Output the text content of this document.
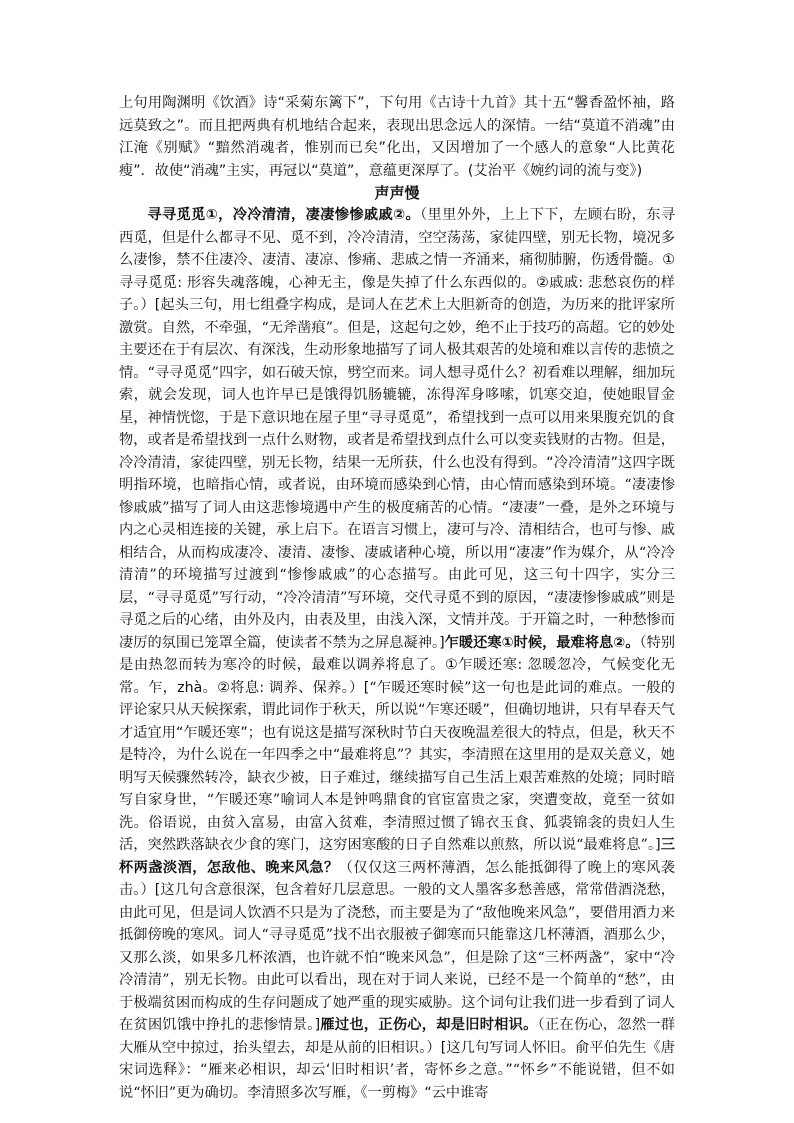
上句用陶渊明《饮酒》诗“采菊东篱下”，下句用《古诗十九首》其十五“馨香盈怀袖，路远莫致之”。而且把两典有机地结合起来，表现出思念远人的深情。一结“莫道不消魂”由江淹《别赋》“黯然消魂者，惟别而已矣”化出，又因增加了一个感人的意象“人比黄花瘦”．故使“消魂”主实，再冠以“莫道”，意蕴更深厚了。(艾治平《婉约词的流与变》)

声声慢

寻寻觅觅①，冷冷清清，凄凄惨惨戚戚②。（里里外外，上上下下，左顾右盼，东寻西觅，但是什么都寻不见、觅不到，冷冷清清，空空荡荡，家徒四壁，别无长物，境况多么凄惨，禁不住凄冷、凄清、凄凉、惨痛、悲戚之情一齐涌来，痛彻肺腑，伤透骨髓。①寻寻觅觅: 形容失魂落魄，心神无主，像是失掉了什么东西似的。②戚戚: 悲愁哀伤的样子。）[起头三句，用七组叠字构成，是词人在艺术上大胆新奇的创造，为历来的批评家所激赏。自然，不牵强，“无斧凿痕”。但是，这起句之妙，绝不止于技巧的高超。它的妙处主要还在于有层次、有深浅，生动形象地描写了词人极其艰苦的处境和难以言传的悲愤之情。“寻寻觅觅”四字，如石破天惊，劈空而来。词人想寻觅什么？初看难以理解，细加玩索，就会发现，词人也许早已是饿得饥肠辘辘，冻得浑身哆嗦，饥寒交迫，使她眼冒金星，神情恍惚，于是下意识地在屋子里“寻寻觅觅”，希望找到一点可以用来果腹充饥的食物，或者是希望找到一点什么财物，或者是希望找到点什么可以变卖钱财的古物。但是，冷冷清清，家徒四壁，别无长物，结果一无所获，什么也没有得到。“冷冷清清”这四字既明指环境，也暗指心情，或者说，由环境而感染到心情，由心情而感染到环境。“凄凄惨惨戚戚”描写了词人由这悲惨境遇中产生的极度痛苦的心情。“凄凄”一叠，是外之环境与内之心灵相连接的关键，承上启下。在语言习惯上，凄可与冷、清相结合，也可与惨、戚相结合，从而构成凄冷、凄清、凄惨、凄戚诸种心境，所以用“凄凄”作为媒介，从“冷冷清清”的环境描写过渡到“惨惨戚戚”的心态描写。由此可见，这三句十四字，实分三层，“寻寻觅觅”写行动，“冷冷清清”写环境，交代寻觅不到的原因，“凄凄惨惨戚戚”则是寻觅之后的心绪，由外及内，由表及里，由浅入深，文情并茂。于开篇之时，一种愁惨而凄厉的氛围已笼罩全篇，使读者不禁为之屏息凝神。]乍暖还寒①时候，最难将息②。（特别是由热忽而转为寒冷的时候，最难以调养将息了。①乍暖还寒: 忽暖忽冷，气候变化无常。乍，zhà。②将息: 调养、保养。）[“乍暖还寒时候”这一句也是此词的难点。一般的评论家只从天候探索，谓此词作于秋天，所以说“乍寒还暖”，但确切地讲，只有早春天气才适宜用“乍暖还寒”；也有说这是描写深秋时节白天夜晚温差很大的特点，但是，秋天不是特冷，为什么说在一年四季之中“最难将息”？其实，李清照在这里用的是双关意义，她明写天候骤然转冷，缺衣少被，日子难过，继续描写自己生活上艰苦难熬的处境；同时暗写自家身世，“乍暖还寒”喻词人本是钟鸣鼎食的官宦富贵之家，突遭变故，竟至一贫如洗。俗语说，由贫入富易，由富入贫难，李清照过惯了锦衣玉食、狐裘锦衾的贵妇人生活，突然跌落缺衣少食的寒门，这穷困寒酸的日子自然难以煎熬，所以说“最难将息”。]三杯两盏淡酒，怎敌他、晚来风急？（仅仅这三两杯薄酒，怎么能抵御得了晚上的寒风袭击。）[这几句含意很深，包含着好几层意思。一般的文人墨客多愁善感，常常借酒浇愁，由此可见，但是词人饮酒不只是为了浇愁，而主要是为了“敌他晚来风急”，要借用酒力来抵御傍晚的寒风。词人“寻寻觅觅”找不出衣服被子御寒而只能靠这几杯薄酒，酒那么少，又那么淡，如果多几杯浓酒，也许就不怕“晚来风急”，但是除了这“三杯两盏”，家中“冷冷清清”，别无长物。由此可以看出，现在对于词人来说，已经不是一个简单的“愁”，由于极端贫困而构成的生存问题成了她严重的现实威胁。这个词句让我们进一步看到了词人在贫困饥饿中挣扎的悲惨情景。]雁过也，正伤心，却是旧时相识。（正在伤心，忽然一群大雁从空中掠过，抬头望去，却是从前的旧相识。）[这几句写词人怀旧。俞平伯先生《唐宋词选释》：“雁来必相识，却云‘旧时相识’者，寄怀乡之意。”“怀乡”不能说错，但不如说“怀旧”更为确切。李清照多次写雁，《一剪梅》“云中谁寄
